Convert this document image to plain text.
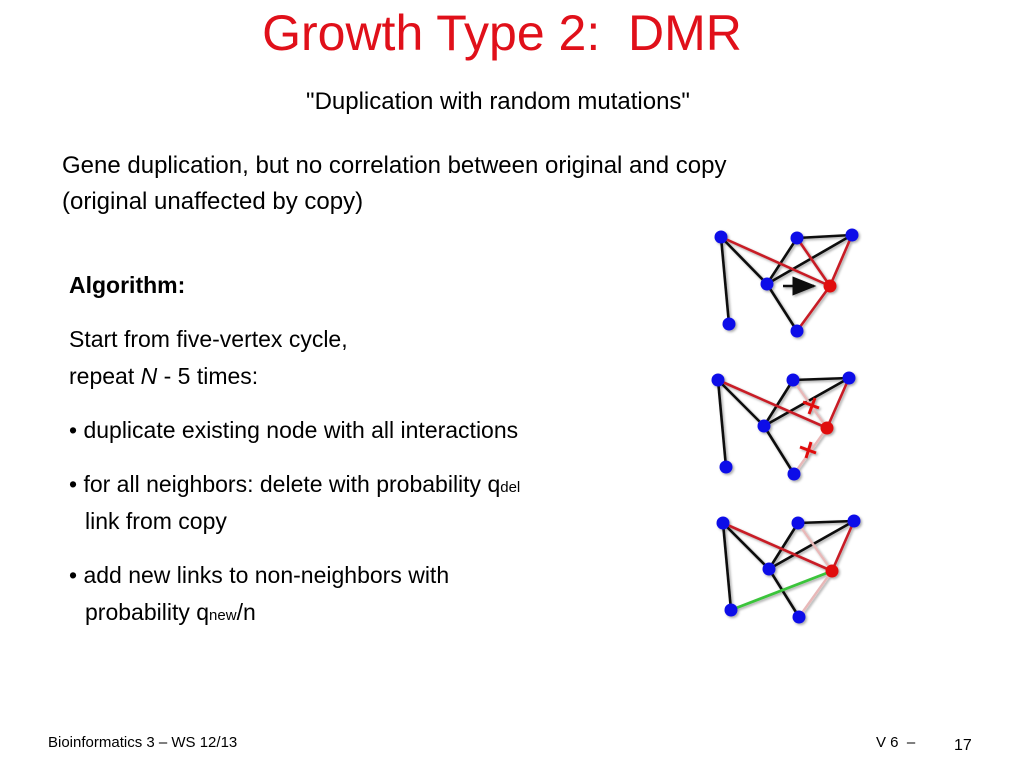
Growth Type 2:  DMR
"Duplication with random mutations"
Gene duplication, but no correlation between original and copy
(original unaffected by copy)
Algorithm:
Start from five-vertex cycle,
repeat N - 5 times:
• duplicate existing node with all interactions
• for all neighbors: delete with probability qdel
link from copy
• add new links to non-neighbors with
probability qnew/n
Bioinformatics 3 – WS 12/13	V 6  – 17
